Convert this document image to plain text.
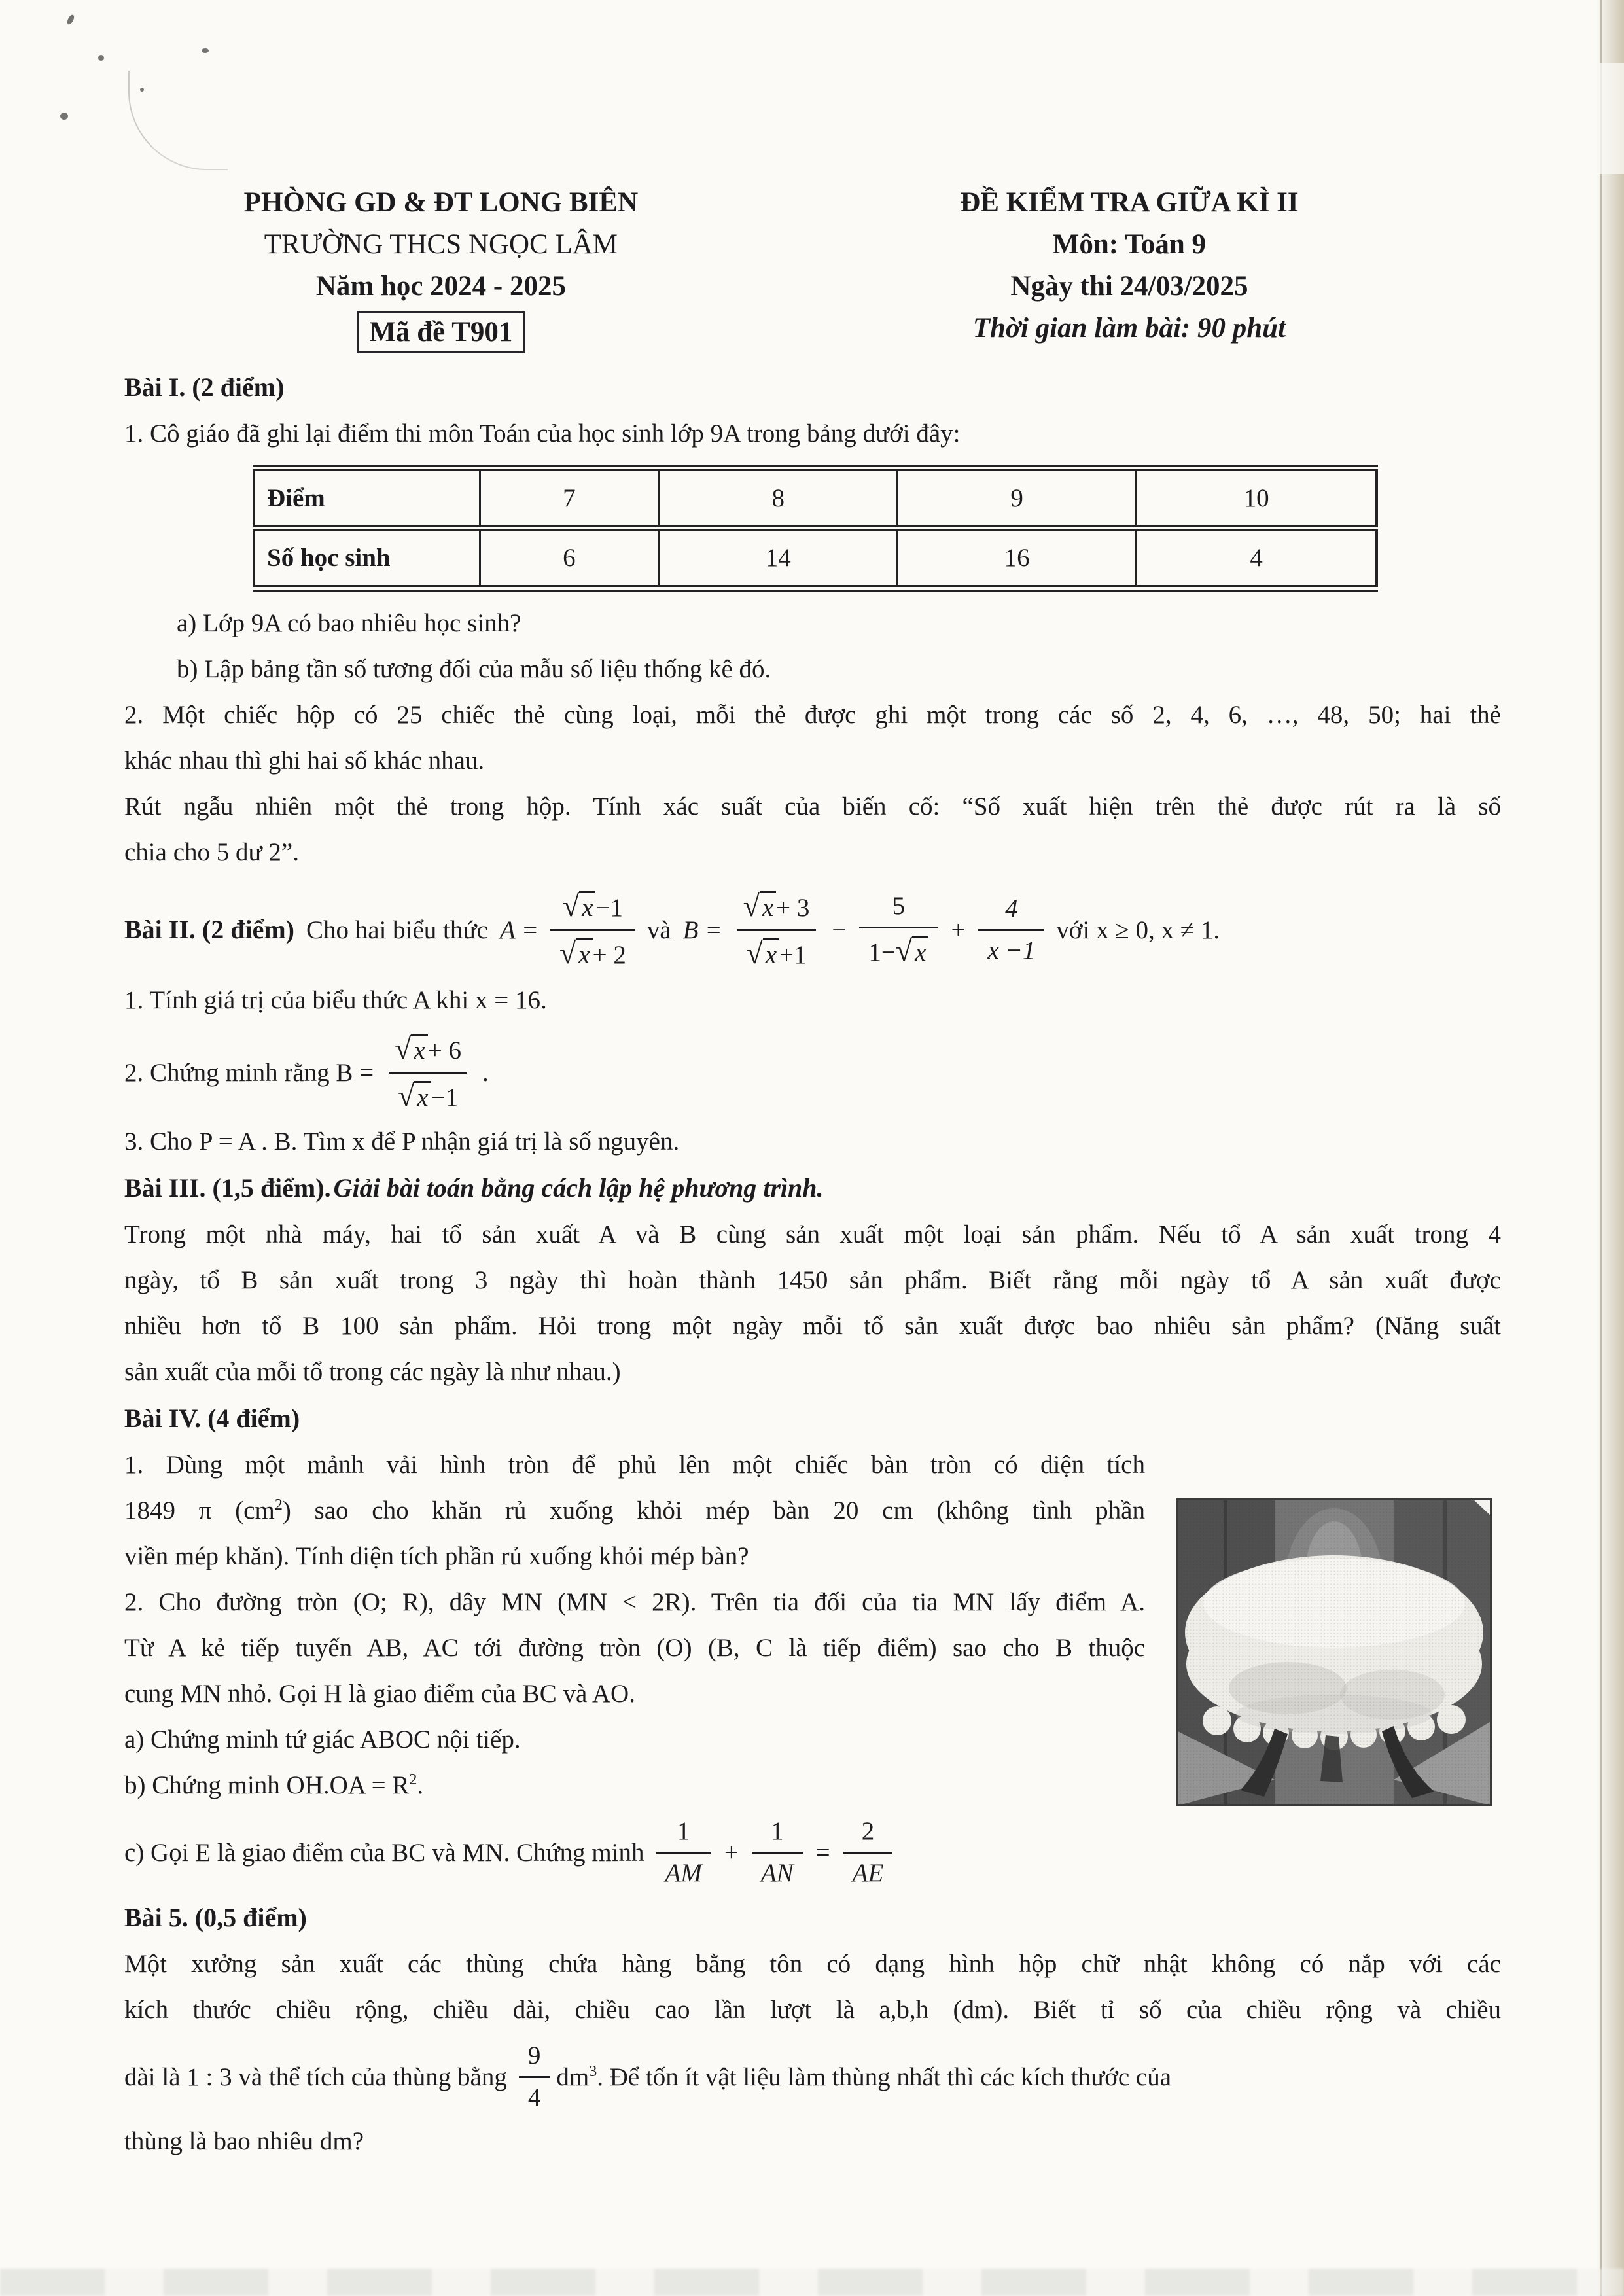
PHÒNG GD & ĐT LONG BIÊN
TRƯỜNG THCS NGỌC LÂM
Năm học 2024 - 2025
Mã đề T901
ĐỀ KIỂM TRA GIỮA KÌ II
Môn: Toán 9
Ngày thi 24/03/2025
Thời gian làm bài: 90 phút
Bài I. (2 điểm)
1. Cô giáo đã ghi lại điểm thi môn Toán của học sinh lớp 9A trong bảng dưới đây:
Điểm	7	8	9	10
Số học sinh	6	14	16	4
a) Lớp 9A có bao nhiêu học sinh?
b) Lập bảng tần số tương đối của mẫu số liệu thống kê đó.
2. Một chiếc hộp có 25 chiếc thẻ cùng loại, mỗi thẻ được ghi một trong các số 2, 4, 6, …, 48, 50; hai thẻ
khác nhau thì ghi hai số khác nhau.
Rút ngẫu nhiên một thẻ trong hộp. Tính xác suất của biến cố: “Số xuất hiện trên thẻ được rút ra là số
chia cho 5 dư 2”.
Bài II. (2 điểm) Cho hai biểu thức $A = \frac{√ x -1}{√ x + 2}$ và $B = \frac{√ x + 3}{√ x +1} - \frac{5}{1-√ x} + \frac{4}{x -1}$ với x ≥ 0, x ≠ 1.
1. Tính giá trị của biểu thức A khi x = 16.
2. Chứng minh rằng $B = \frac{√ x + 6}{√ x -1}$ .
3. Cho P = A . B. Tìm x để P nhận giá trị là số nguyên.
Bài III. (1,5 điểm). Giải bài toán bằng cách lập hệ phương trình.
Trong một nhà máy, hai tổ sản xuất A và B cùng sản xuất một loại sản phẩm. Nếu tổ A sản xuất trong 4
ngày, tổ B sản xuất trong 3 ngày thì hoàn thành 1450 sản phẩm. Biết rằng mỗi ngày tổ A sản xuất được
nhiều hơn tổ B 100 sản phẩm. Hỏi trong một ngày mỗi tổ sản xuất được bao nhiêu sản phẩm? (Năng suất
sản xuất của mỗi tổ trong các ngày là như nhau.)
Bài IV. (4 điểm)
1. Dùng một mảnh vải hình tròn để phủ lên một chiếc bàn tròn có diện tích
1849 π $(cm^2)$ sao cho khăn rủ xuống khỏi mép bàn 20 cm (không tình phần
viền mép khăn). Tính diện tích phần rủ xuống khỏi mép bàn?
2. Cho đường tròn (O; R), dây MN (MN < 2R). Trên tia đối của tia MN lấy điểm A.
Từ A kẻ tiếp tuyến AB, AC tới đường tròn (O) (B, C là tiếp điểm) sao cho B thuộc
cung MN nhỏ. Gọi H là giao điểm của BC và AO.
a) Chứng minh tứ giác ABOC nội tiếp.
b) Chứng minh $OH.OA = R^2$.
c) Gọi E là giao điểm của BC và MN. Chứng minh $\frac{1}{AM} + \frac{1}{AN} = \frac{2}{AE}$
Bài 5. (0,5 điểm)
Một xưởng sản xuất các thùng chứa hàng bằng tôn có dạng hình hộp chữ nhật không có nắp với các
kích thước chiều rộng, chiều dài, chiều cao lần lượt là a,b,h (dm). Biết tỉ số của chiều rộng và chiều
dài là 1 : 3 và thể tích của thùng bằng $\frac{9}{4} dm^3$. Để tốn ít vật liệu làm thùng nhất thì các kích thước của
thùng là bao nhiêu dm?
